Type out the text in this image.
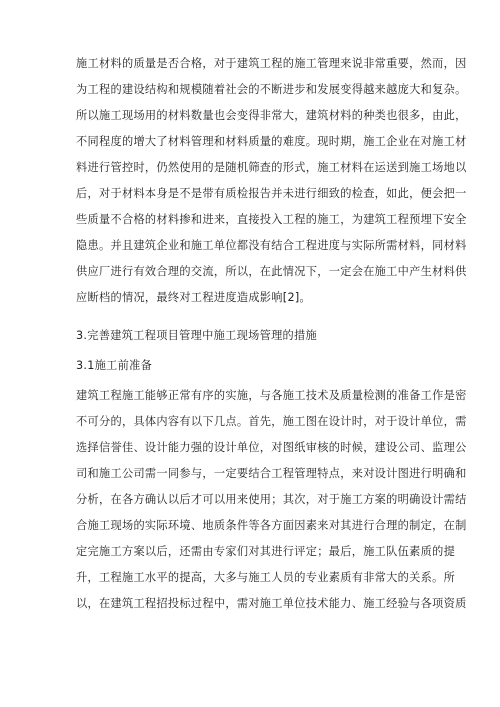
施工材料的质量是否合格，对于建筑工程的施工管理来说非常重要，然而，因
为工程的建设结构和规模随着社会的不断进步和发展变得越来越庞大和复杂。
所以施工现场用的材料数量也会变得非常大，建筑材料的种类也很多，由此，
不同程度的增大了材料管理和材料质量的难度。现时期，施工企业在对施工材
料进行管控时，仍然使用的是随机筛查的形式，施工材料在运送到施工场地以
后，对于材料本身是不是带有质检报告并未进行细致的检查，如此，便会把一
些质量不合格的材料掺和进来，直接投入工程的施工，为建筑工程预埋下安全
隐患。并且建筑企业和施工单位都没有结合工程进度与实际所需材料，同材料
供应厂进行有效合理的交流，所以，在此情况下，一定会在施工中产生材料供
应断档的情况，最终对工程进度造成影响[2]。

3.完善建筑工程项目管理中施工现场管理的措施

3.1施工前准备

建筑工程施工能够正常有序的实施，与各施工技术及质量检测的准备工作是密
不可分的，具体内容有以下几点。首先，施工图在设计时，对于设计单位，需
选择信誉佳、设计能力强的设计单位，对图纸审核的时候，建设公司、监理公
司和施工公司需一同参与，一定要结合工程管理特点，来对设计图进行明确和
分析，在各方确认以后才可以用来使用；其次，对于施工方案的明确设计需结
合施工现场的实际环境、地质条件等各方面因素来对其进行合理的制定，在制
定完施工方案以后，还需由专家们对其进行评定；最后，施工队伍素质的提
升，工程施工水平的提高，大多与施工人员的专业素质有非常大的关系。所
以，在建筑工程招投标过程中，需对施工单位技术能力、施工经验与各项资质
